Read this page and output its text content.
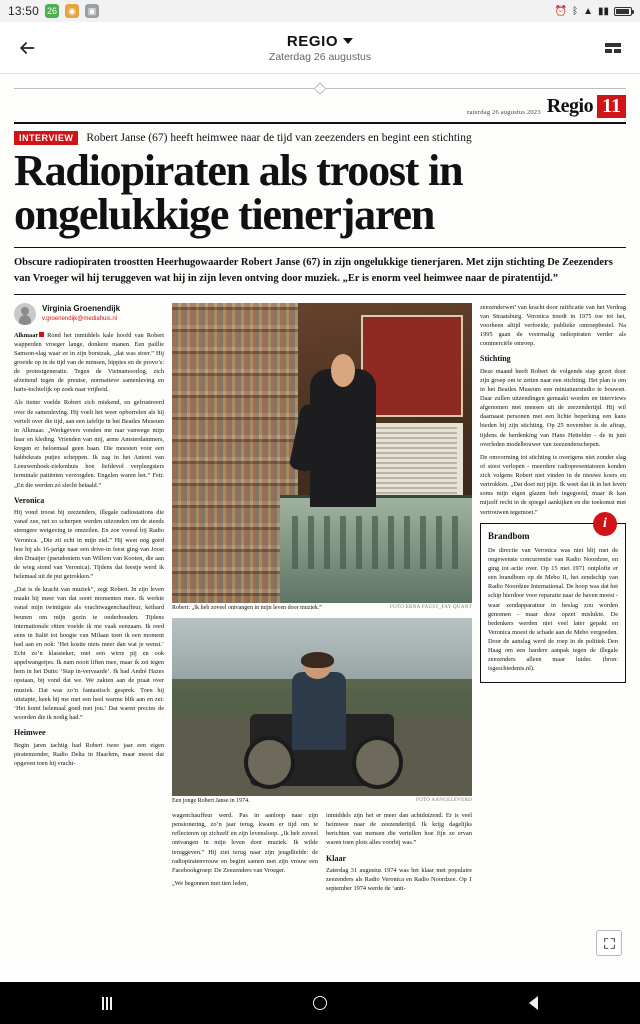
13:50 26	◉	▣	⏰ ᛒ ▲ ▮▮
REGIO
Zaterdag 26 augustus
zaterdag 26 augustus 2023 Regio 11
INTERVIEW	Robert Janse (67) heeft heimwee naar de tijd van zeezenders en begint een stichting
Radiopiraten als troost in ongelukkige tienerjaren
Obscure radiopiraten troostten Heerhugowaarder Robert Janse (67) in zijn ongelukkige tienerjaren. Met zijn stichting De Zeezenders van Vroeger wil hij teruggeven wat hij in zijn leven ontving door muziek. „Er is enorm veel heimwee naar de piratentijd.”
Virginia Groenendijk
v.groenendijk@mediahuis.nl

Alkmaar Rond het inmiddels kale hoofd van Robert wapperden vroeger lange, donkere manen. Een paillie Samson-slag waar ze in zijn borstzak, „dat was stoer.” Hij groeide op in de tijd van de mensen, hippies en de provo’s: de protestgeneratie. Tegen de Vietnamoorlog, zich afzettend tegen de preutse, normatieve samenleving en harts-tochtelijk op zoek naar vrijheid.

Als tiener voelde Robert zich miskend, en gefrustreerd over de samenleving. Hij voelt het weer opborrelen als hij vertelt over die tijd, aan een tafeltje in het Beatles Museum in Alkmaar. „Werkgevers vonden me raar vanwege mijn haar en kleding. Vrienden van mij, arme Amsterdammers, kregen er beloemaal geen baan. Die moesten voor een habbekrats putjes scheppen. Ik zag in het Antoni van Leeuwenhoek-ziekenhuis hoe liefdevol verpleegsters terminale patiënten verzorgden. Engelen waren het.” Feit: „En die werden zó slecht betaald.”

Veronica

Hij vond troost bij zeezenders, illegale radiostations die vanaf zee, net zo scherpen werden uitzonden om de steeds strengere wetgeving te omzeilen. En zoe vooral bij Radio Veronica. „Die zit echt in mijn ziel.” Hij weet nog goed hoe hij als 16-jarige naar een drive-in feest ging van Joost den Draaijer (pseudoniem van Willem van Kooten, die aan de wieg stond van Veronica). Tijdens dat feestje werd ik helemaal uit de put getrokken.”

„Dat is de kracht van muziek”, zegt Robert. In zijn leven maakt hij meer van dat soort momenten mee. Ik werkte vanaf mijn twintigste als vrachtwagenchauffeur, keihard beunen om mijn gezin te onderhouden. Tijdens internationale ritten voelde ik me vaak eenzaam. Ik reed eens in Italië tot hoogte van Milaan toen ik een moment had aan en ook: ‘Het kostte niets meer dan wat je wenst.’ Echt zo’n klassieker, met een wirre pij en ook appelwangetjes. Ik nam nooit liften mee, maar ik zei tegen hem in het Duits: ‘Stap in-vervaarde’. Ik had André Hazes opstaan, bij vond dat we. We zakten aan de praat over muziek. Dat was zo’n fantastisch gesprek. Toen hij uitstapte, keek hij me met een heel warme blik aan en zei: ‘Het komt helemaal goed met jou.’ Dat waren precies de woorden die ik nodig had.”

Heimwee

Begin jaren tachtig had Robert twee jaar een eigen piratenzender, Radio Delta in Haarlem, maar meest dat opgeven toen hij vracht-

Robert: „Ik heb zoveel ontvangen in mijn leven door muziek.”	FOTO ERNA FAUST_FAY QUANT
Een jonge Robert Janse in 1974.	FOTO AANGELEVERD

wagenchauffeur werd. Pas in aanloop naar zijn pensionering, zo’n jaar terug, kwam er tijd om te reflecteren op zichzelf en zijn levensloop. „Ik heb zoveel ontvangen in mijn leven door muziek. Ik wilde teruggeven.” Hij ziet terug naar zijn jeugdliefde: de radiopiratenvrouw en begint samen met zijn vrouw een Facebookgroep: De Zeezenders van Vroeger.

„We begonnen met tien leden,

inmiddels zijn het er meer dan achtduizend. Er is veel heimwee naar de zeezendertijd. Ik krijg dagelijks berichten van mensen die vertellen hoe fijn ze ervan waren toen plots alles voorbij was.”

Klaar

Zaterdag 31 augustus 1974 was het klaar met populaire zeezenders als Radio Veronica en Radio Noordzee. Op 1 september 1974 werde de ‘anti-

zeezenderwet’ van kracht door ratificatie van het Verdrag van Straatsburg. Veronica treedt in 1975 toe tot het, voorheen altijd verfoeide, publieke omroepbestel. Na 1995 gaan de voormalig radiopiraten verder als commerciële omroep.

Stichting

Deze maand heeft Robert de volgende stap gezet door zijn groep om te zetten naar een stichting. Het plan is om in het Beatles Museum een miniatuurstudio te bouwen. Daar zullen uitzendingen gemaakt worden en interviews afgenomen met mensen uit de zeezendertijd. Hij wil daarnaast personen met een lichte beperking een kans bieden bij zijn stichting. Op 25 november is de aftrap, tijdens de herdenking van Hans Hettelder - de in juni overleden modelbouwer van zeezenderschepen.

De omvorming tot stichting is overigens niet zonder slag of stoot verlopen - meerdere radiopresentatoren konden zich volgens Robert niet vinden in de nieuwe koers en vertrokken. „Dat doet mij pijn. Ik weet dat ik in het leven soms mijn eigen glazen heb ingegooid, maar ik kan mijzelf recht in de spiegel aankijken en die toekomst met vertrouwen tegemoet.”

i
Brandbom
De directie van Veronica was niet blij met de ongewenste concurrentie van Radio Noordzee, en ging tot actie over. Op 15 mei 1971 ontplofte er een brandbom op de Mebo II, het zendschip van Radio Noordzee International. De hoop was dat het schip hierdoor voor reparatie naar de haven moest - waar zendapparatuur in beslag zou worden genomen - maar deze opzet mislukte. De bedenkers werden niet veel later gepakt en Veronica moest de schade aan de Mebo vergoeden. Door de aanslag werd de roep in de politiek Den Haag om een hardere aanpak tegen de illegale zeezenders alleen maar luider. (bron: isgeschiedenis.nl).
